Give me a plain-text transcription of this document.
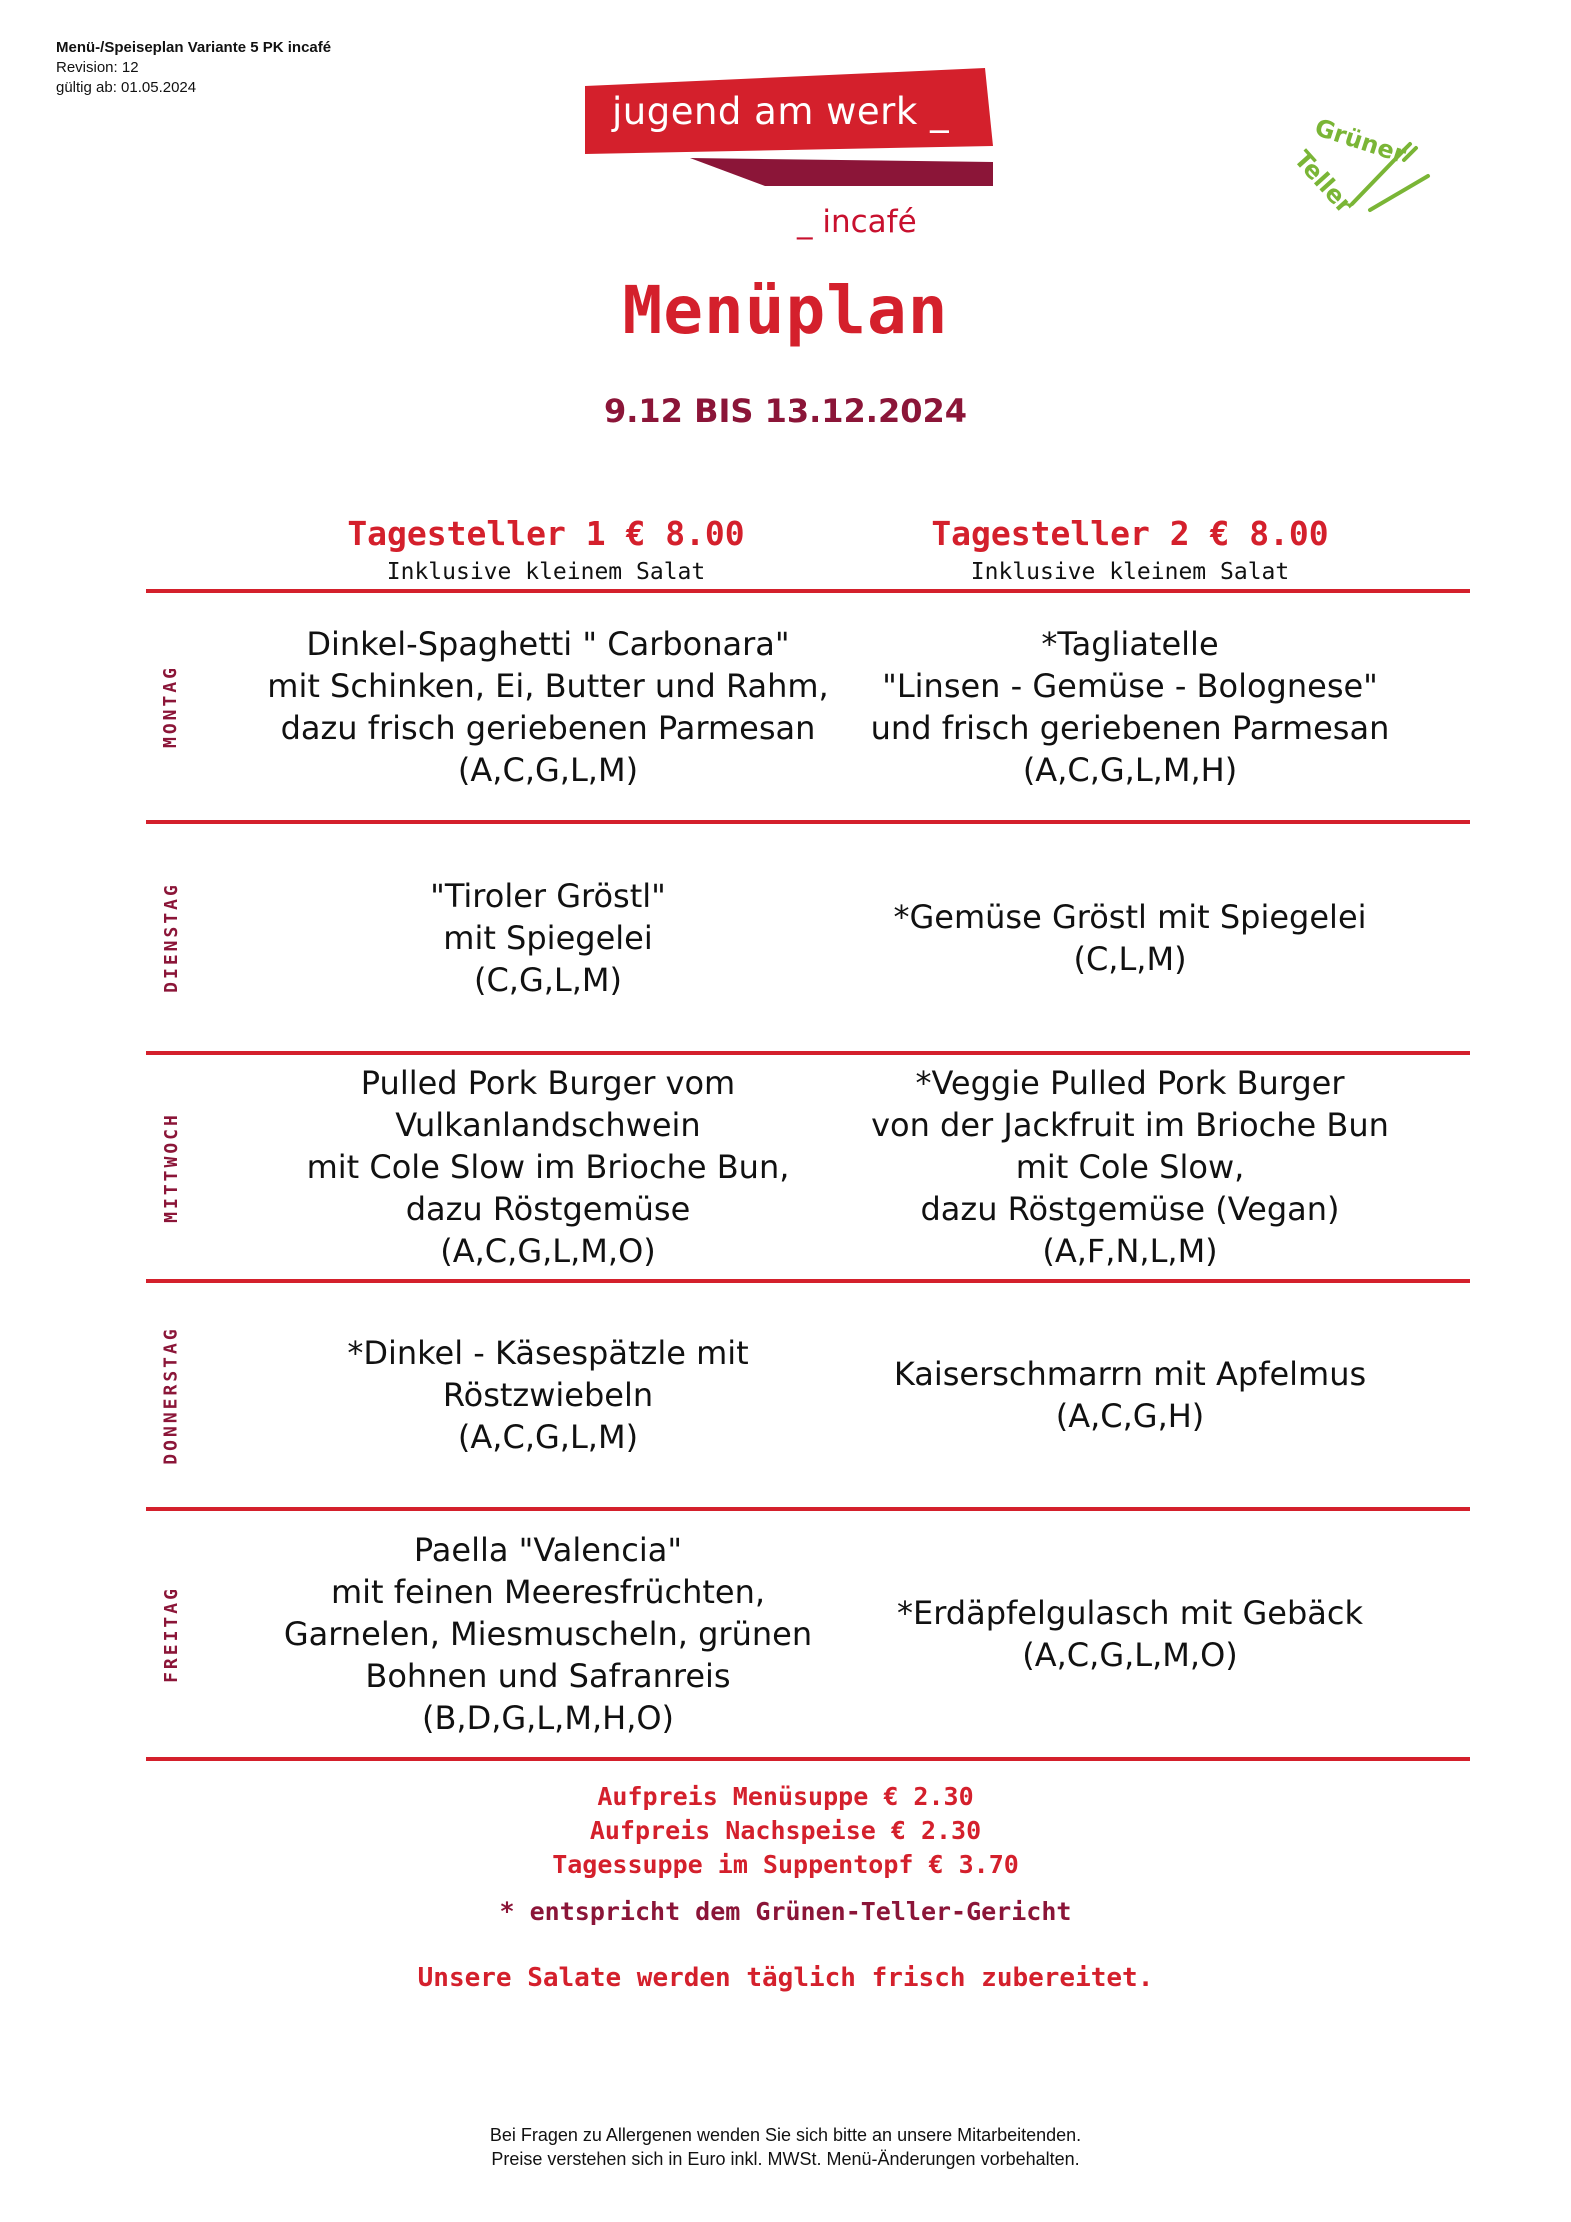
Menü-/Speiseplan Variante 5 PK incafé
Revision: 12
gültig ab: 01.05.2024
jugend am werk _
_ incafé
Grüner
Teller
Menüplan
9.12 BIS 13.12.2024
Tagesteller 1 € 8.00
Inklusive kleinem Salat
Tagesteller 2 € 8.00
Inklusive kleinem Salat
MONTAG
Dinkel-Spaghetti " Carbonara"
mit Schinken, Ei, Butter und Rahm,
dazu frisch geriebenen Parmesan
(A,C,G,L,M)
*Tagliatelle
"Linsen - Gemüse - Bolognese"
und frisch geriebenen Parmesan
(A,C,G,L,M,H)
DIENSTAG	"Tiroler Gröstl"
mit Spiegelei
(C,G,L,M)
*Gemüse Gröstl mit Spiegelei
(C,L,M)
MITTWOCH
Pulled Pork Burger vom
Vulkanlandschwein
mit Cole Slow im Brioche Bun,
dazu Röstgemüse
(A,C,G,L,M,O)
*Veggie Pulled Pork Burger
von der Jackfruit im Brioche Bun
mit Cole Slow,
dazu Röstgemüse (Vegan)
(A,F,N,L,M)
DONNERSTAG	*Dinkel - Käsespätzle mit
Röstzwiebeln
(A,C,G,L,M)
Kaiserschmarrn mit Apfelmus
(A,C,G,H)
FREITAG
Paella "Valencia"
mit feinen Meeresfrüchten,
Garnelen, Miesmuscheln, grünen
Bohnen und Safranreis
(B,D,G,L,M,H,O)
*Erdäpfelgulasch mit Gebäck
(A,C,G,L,M,O)
Aufpreis Menüsuppe € 2.30
Aufpreis Nachspeise € 2.30
Tagessuppe im Suppentopf € 3.70
* entspricht dem Grünen-Teller-Gericht
Unsere Salate werden täglich frisch zubereitet.
Bei Fragen zu Allergenen wenden Sie sich bitte an unsere Mitarbeitenden.
Preise verstehen sich in Euro inkl. MWSt. Menü-Änderungen vorbehalten.
